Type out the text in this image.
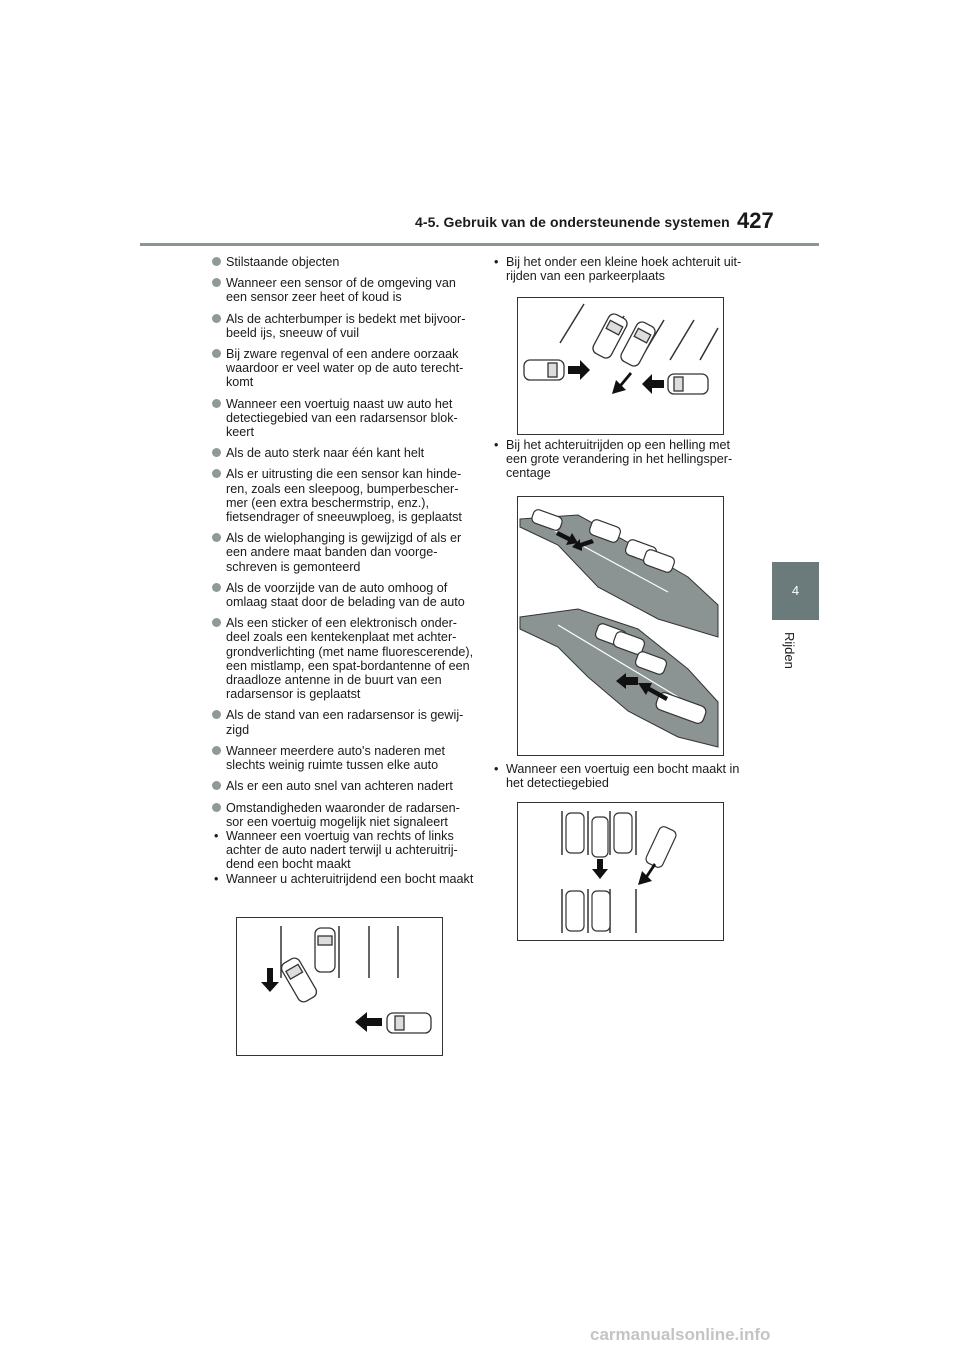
4-5. Gebruik van de ondersteunende systemen 427
4
Rijden
Stilstaande objecten
Wanneer een sensor of de omgeving van een sensor zeer heet of koud is
Als de achterbumper is bedekt met bijvoor-beeld ijs, sneeuw of vuil
Bij zware regenval of een andere oorzaak waardoor er veel water op de auto terecht-komt
Wanneer een voertuig naast uw auto het detectiegebied van een radarsensor blok-keert
Als de auto sterk naar één kant helt
Als er uitrusting die een sensor kan hinde-ren, zoals een sleepoog, bumperbescher-mer (een extra beschermstrip, enz.), fietsendrager of sneeuwploeg, is geplaatst
Als de wielophanging is gewijzigd of als er een andere maat banden dan voorge-schreven is gemonteerd
Als de voorzijde van de auto omhoog of omlaag staat door de belading van de auto
Als een sticker of een elektronisch onder-deel zoals een kentekenplaat met achter-grondverlichting (met name fluorescerende), een mistlamp, een spat-bordantenne of een draadloze antenne in de buurt van een radarsensor is geplaatst
Als de stand van een radarsensor is gewij-zigd
Wanneer meerdere auto's naderen met slechts weinig ruimte tussen elke auto
Als er een auto snel van achteren nadert
Omstandigheden waaronder de radarsen-sor een voertuig mogelijk niet signaleert
• Wanneer een voertuig van rechts of links achter de auto nadert terwijl u achteruitrij-dend een bocht maakt
• Wanneer u achteruitrijdend een bocht maakt
• Bij het onder een kleine hoek achteruit uit-rijden van een parkeerplaats
• Bij het achteruitrijden op een helling met een grote verandering in het hellingsper-centage
• Wanneer een voertuig een bocht maakt in het detectiegebied
carmanualsonline.info
